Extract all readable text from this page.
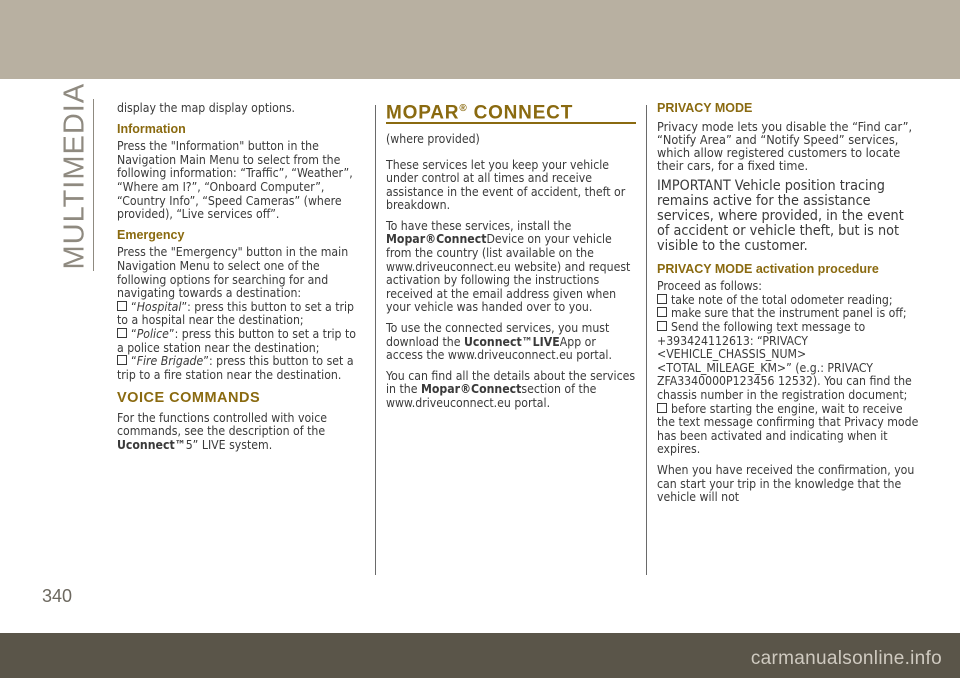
MULTIMEDIA display the map display options.

Information

Press the "Information" button in the Navigation Main Menu to select from the following information: “Traffic”, “Weather”, “Where am I?”, “Onboard Computer”, “Country Info”, “Speed Cameras” (where provided), “Live services off”.

Emergency

Press the "Emergency" button in the main Navigation Menu to select one of the following options for searching for and navigating towards a destination:

“Hospital”: press this button to set a trip to a hospital near the destination;

“Police”: press this button to set a trip to a police station near the destination;

“Fire Brigade”: press this button to set a trip to a fire station near the destination.

VOICE COMMANDS

For the functions controlled with voice commands, see the description of the Uconnect™5” LIVE system.

MOPAR® CONNECT

(where provided)

These services let you keep your vehicle under control at all times and receive assistance in the event of accident, theft or breakdown.

To have these services, install the
Mopar®ConnectDevice on your vehicle from the country (list available on the www.driveuconnect.eu website) and request activation by following the instructions received at the email address given when your vehicle was handed over to you.

To use the connected services, you must download the Uconnect™LIVEApp or access the www.driveuconnect.eu portal.

You can find all the details about the services in the Mopar®Connectsection of the www.driveuconnect.eu portal.

PRIVACY MODE

Privacy mode lets you disable the “Find car”, “Notify Area” and “Notify Speed” services, which allow registered customers to locate their cars, for a fixed time.

IMPORTANT Vehicle position tracing remains active for the assistance services, where provided, in the event of accident or vehicle theft, but is not visible to the customer.

PRIVACY MODE activation procedure

Proceed as follows:

take note of the total odometer reading;

make sure that the instrument panel is off;

Send the following text message to +393424112613: “PRIVACY <VEHICLE_CHASSIS_NUM> <TOTAL_MILEAGE_KM>” (e.g.: PRIVACY ZFA3340000P123456 12532). You can find the chassis number in the registration document;

before starting the engine, wait to receive the text message confirming that Privacy mode has been activated and indicating when it expires.

When you have received the confirmation, you can start your trip in the knowledge that the vehicle will not

340
carmanualsonline.info
